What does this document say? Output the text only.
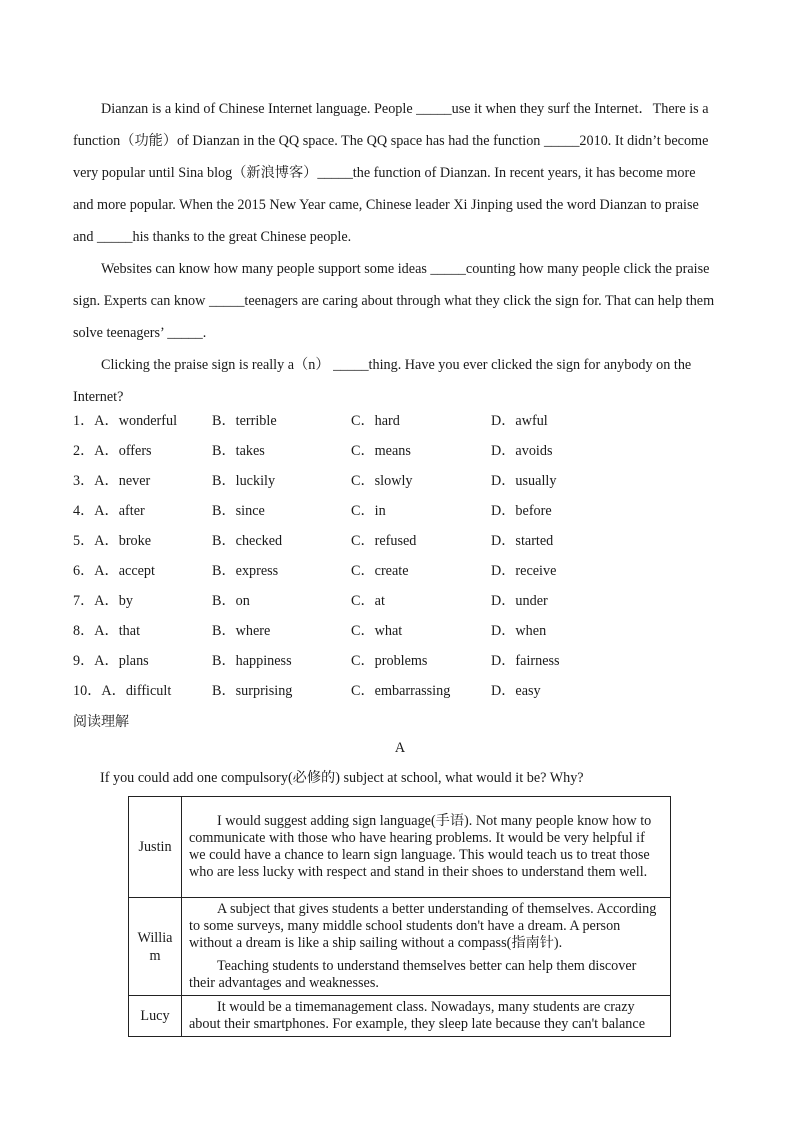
Dianzan is a kind of Chinese Internet language. People _____use it when they surf the Internet．There is a function（功能）of Dianzan in the QQ space. The QQ space has had the function _____2010. It didn’t become very popular until Sina blog（新浪博客）_____the function of Dianzan. In recent years, it has become more and more popular. When the 2015 New Year came, Chinese leader Xi Jinping used the word Dianzan to praise and _____his thanks to the great Chinese people.

Websites can know how many people support some ideas _____counting how many people click the praise sign. Experts can know _____teenagers are caring about through what they click the sign for. That can help them solve teenagers’ _____.

Clicking the praise sign is really a（n） _____thing. Have you ever clicked the sign for anybody on the Internet?

1．A．wonderful B．terrible	C．hard	D．awful
2．A．offers	B．takes	C．means	D．avoids
3．A．never	B．luckily	C．slowly	D．usually
4．A．after	B．since	C．in	D．before
5．A．broke	B．checked	C．refused	D．started
6．A．accept	B．express	C．create	D．receive
7．A．by	B．on	C．at	D．under
8．A．that	B．where	C．what	D．when
9．A．plans	B．happiness	C．problems	D．fairness
10．A．difficult	B．surprising	C．embarrassing	D．easy
阅读理解
A
If you could add one compulsory(必修的) subject at school, what would it be? Why?
Justin	I would suggest adding sign language(手语). Not many people know how to communicate with those who have hearing problems. It would be very helpful if we could have a chance to learn sign language. This would teach us to treat those who are less lucky with respect and stand in their shoes to understand them well.

William	A subject that gives students a better understanding of themselves. According to some surveys, many middle school students don't have a dream. A person without a dream is like a ship sailing without a compass(指南针).

Teaching students to understand themselves better can help them discover their advantages and weaknesses.

Lucy	It would be a timemanagement class. Nowadays, many students are crazy about their smartphones. For example, they sleep late because they can't balance
